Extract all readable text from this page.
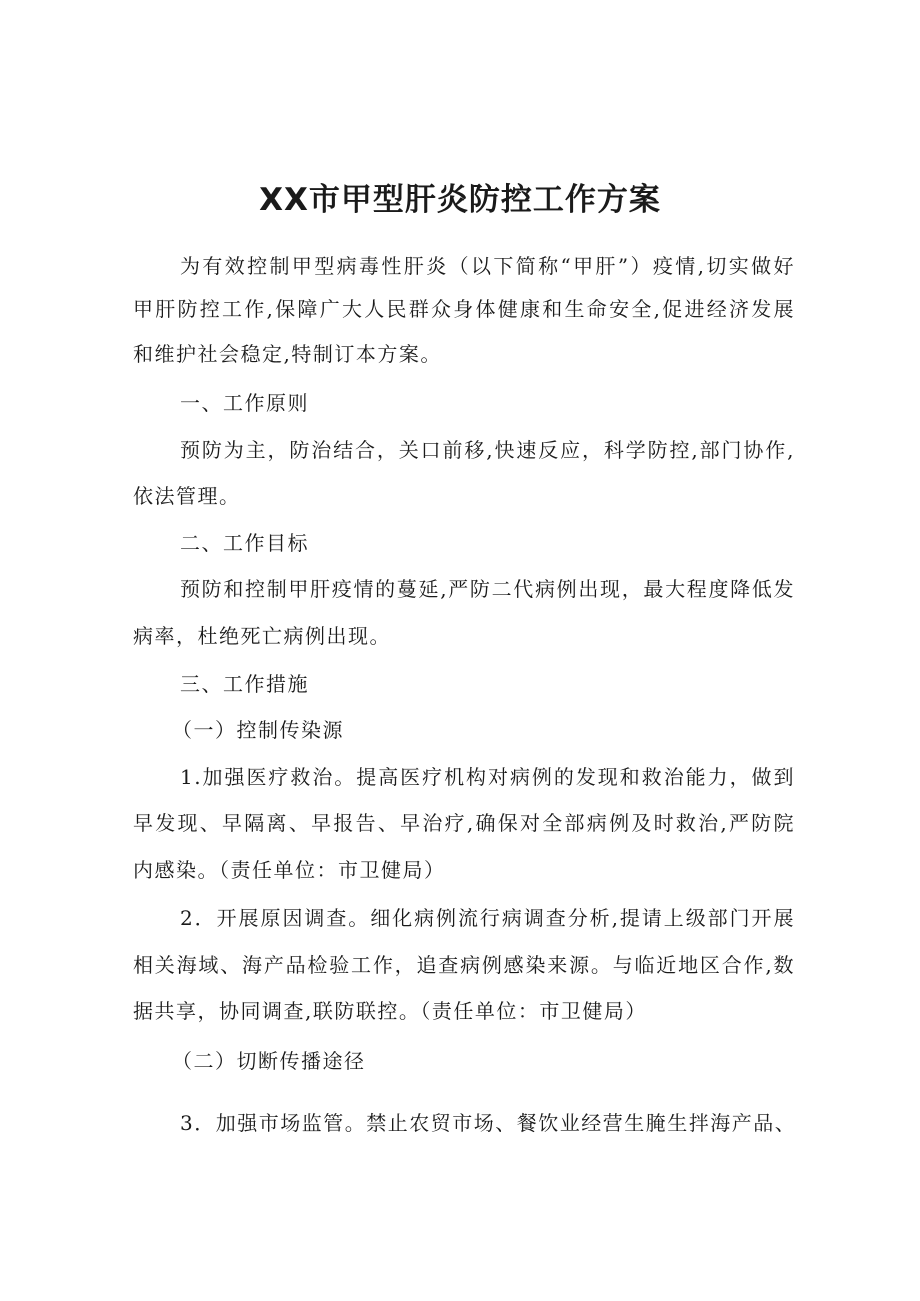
XX市甲型肝炎防控工作方案

为有效控制甲型病毒性肝炎（以下简称“甲肝”）疫情,切实做好

甲肝防控工作,保障广大人民群众身体健康和生命安全,促进经济发展

和维护社会稳定,特制订本方案。

一、工作原则

预防为主，防治结合，关口前移,快速反应，科学防控,部门协作,

依法管理。

二、工作目标

预防和控制甲肝疫情的蔓延,严防二代病例出现，最大程度降低发

病率，杜绝死亡病例出现。

三、工作措施

（一）控制传染源

1.加强医疗救治。提高医疗机构对病例的发现和救治能力，做到

早发现、早隔离、早报告、早治疗,确保对全部病例及时救治,严防院

内感染。（责任单位：市卫健局）

2．开展原因调查。细化病例流行病调查分析,提请上级部门开展

相关海域、海产品检验工作，追查病例感染来源。与临近地区合作,数

据共享，协同调查,联防联控。（责任单位：市卫健局）

（二）切断传播途径

3．加强市场监管。禁止农贸市场、餐饮业经营生腌生拌海产品、
